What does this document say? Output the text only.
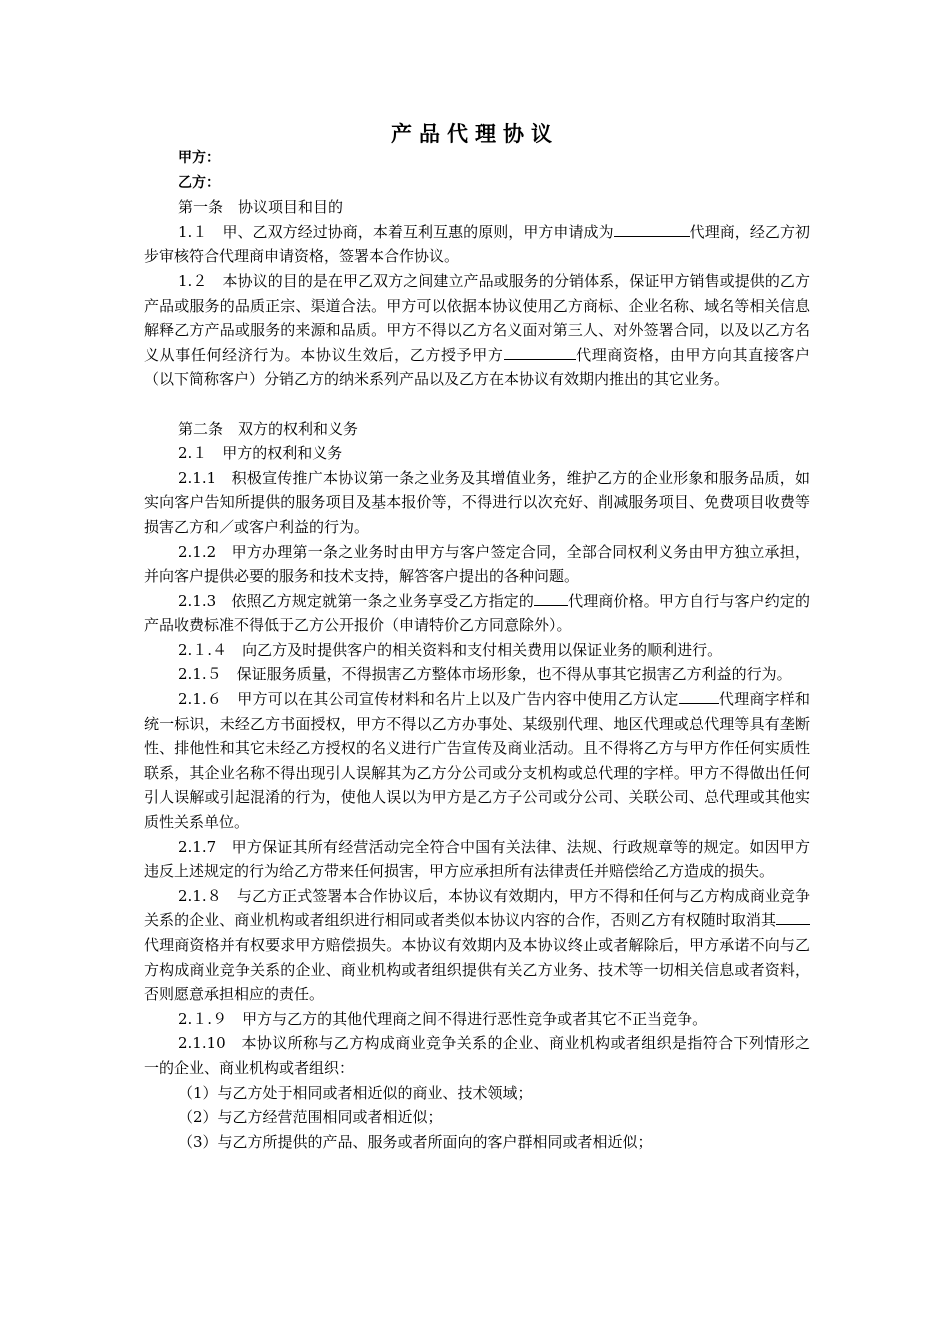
产品代理协议
甲方：
乙方：
第一条　协议项目和目的
1.１　甲、乙双方经过协商，本着互利互惠的原则，甲方申请成为	代理商，经乙方初步审核符合代理商申请资格，签署本合作协议。
1.２　本协议的目的是在甲乙双方之间建立产品或服务的分销体系，保证甲方销售或提供的乙方产品或服务的品质正宗、渠道合法。甲方可以依据本协议使用乙方商标、企业名称、域名等相关信息解释乙方产品或服务的来源和品质。甲方不得以乙方名义面对第三人、对外签署合同，以及以乙方名义从事任何经济行为。本协议生效后，乙方授予甲方	代理商资格，由甲方向其直接客户（以下简称客户）分销乙方的纳米系列产品以及乙方在本协议有效期内推出的其它业务。
第二条　双方的权利和义务
2.１　甲方的权利和义务
2.1.1　积极宣传推广本协议第一条之业务及其增值业务，维护乙方的企业形象和服务品质，如实向客户告知所提供的服务项目及基本报价等，不得进行以次充好、削减服务项目、免费项目收费等损害乙方和／或客户利益的行为。
2.1.2　甲方办理第一条之业务时由甲方与客户签定合同，全部合同权利义务由甲方独立承担，并向客户提供必要的服务和技术支持，解答客户提出的各种问题。
2.1.3　依照乙方规定就第一条之业务享受乙方指定的 代理商价格。甲方自行与客户约定的产品收费标准不得低于乙方公开报价（申请特价乙方同意除外）。
2.１.４　向乙方及时提供客户的相关资料和支付相关费用以保证业务的顺利进行。
2.1.５　保证服务质量，不得损害乙方整体市场形象，也不得从事其它损害乙方利益的行为。
2.1.６　甲方可以在其公司宣传材料和名片上以及广告内容中使用乙方认定	代理商字样和统一标识，未经乙方书面授权，甲方不得以乙方办事处、某级别代理、地区代理或总代理等具有垄断性、排他性和其它未经乙方授权的名义进行广告宣传及商业活动。且不得将乙方与甲方作任何实质性联系，其企业名称不得出现引人误解其为乙方分公司或分支机构或总代理的字样。甲方不得做出任何引人误解或引起混淆的行为，使他人误以为甲方是乙方子公司或分公司、关联公司、总代理或其他实质性关系单位。
2.1.7　甲方保证其所有经营活动完全符合中国有关法律、法规、行政规章等的规定。如因甲方违反上述规定的行为给乙方带来任何损害，甲方应承担所有法律责任并赔偿给乙方造成的损失。
2.1.８　与乙方正式签署本合作协议后，本协议有效期内，甲方不得和任何与乙方构成商业竞争关系的企业、商业机构或者组织进行相同或者类似本协议内容的合作，否则乙方有权随时取消其代理商资格并有权要求甲方赔偿损失。本协议有效期内及本协议终止或者解除后，甲方承诺不向与乙方构成商业竞争关系的企业、商业机构或者组织提供有关乙方业务、技术等一切相关信息或者资料，否则愿意承担相应的责任。
2.１.９　甲方与乙方的其他代理商之间不得进行恶性竞争或者其它不正当竞争。
2.1.10　本协议所称与乙方构成商业竞争关系的企业、商业机构或者组织是指符合下列情形之一的企业、商业机构或者组织：
（1）与乙方处于相同或者相近似的商业、技术领域；
（2）与乙方经营范围相同或者相近似；
（3）与乙方所提供的产品、服务或者所面向的客户群相同或者相近似；
